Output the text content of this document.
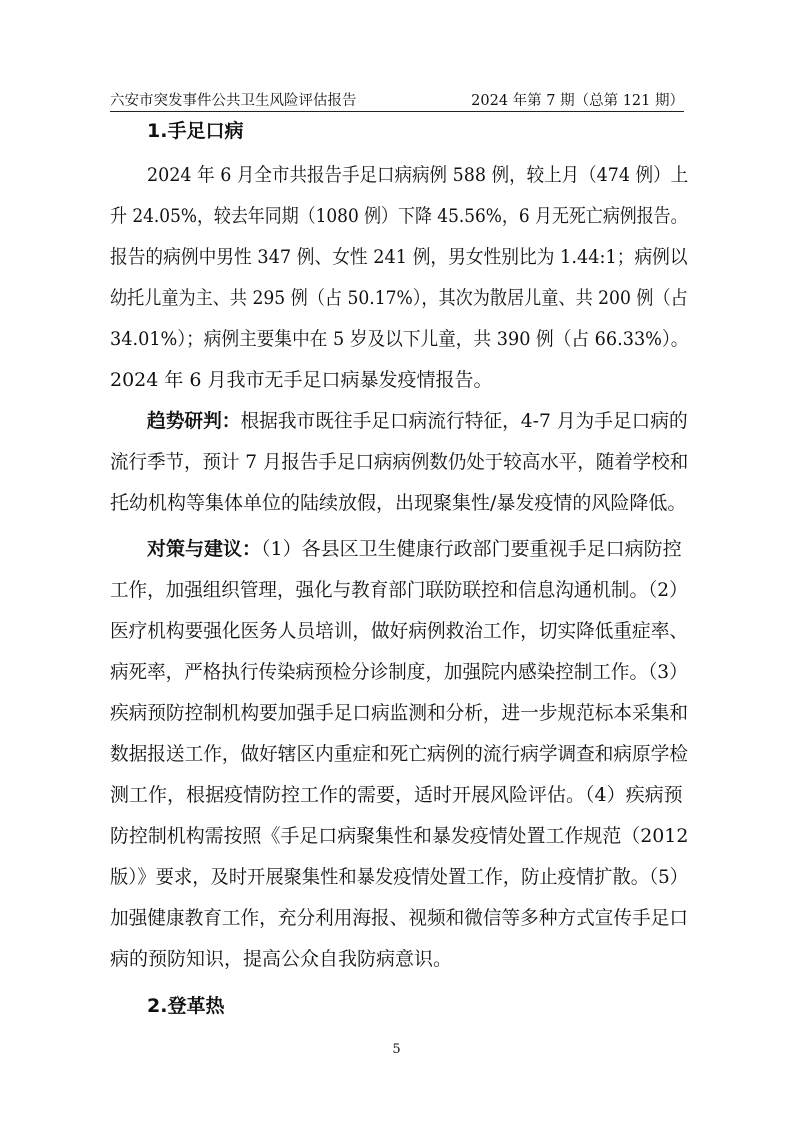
六安市突发事件公共卫生风险评估报告	2024 年第 7 期（总第 121 期）
1.手足口病
2024 年 6 月全市共报告手足口病病例 588 例，较上月（474 例）上
升 24.05%，较去年同期（1080 例）下降 45.56%，6 月无死亡病例报告。
报告的病例中男性 347 例、女性 241 例，男女性别比为 1.44:1；病例以
幼托儿童为主、共 295 例（占 50.17%），其次为散居儿童、共 200 例（占
34.01%）；病例主要集中在 5 岁及以下儿童，共 390 例（占 66.33%）。
2024 年 6 月我市无手足口病暴发疫情报告。
趋势研判：根据我市既往手足口病流行特征，4-7 月为手足口病的
流行季节，预计 7 月报告手足口病病例数仍处于较高水平，随着学校和
托幼机构等集体单位的陆续放假，出现聚集性/暴发疫情的风险降低。
对策与建议：（1）各县区卫生健康行政部门要重视手足口病防控
工作，加强组织管理，强化与教育部门联防联控和信息沟通机制。（2）
医疗机构要强化医务人员培训，做好病例救治工作，切实降低重症率、
病死率，严格执行传染病预检分诊制度，加强院内感染控制工作。（3）
疾病预防控制机构要加强手足口病监测和分析，进一步规范标本采集和
数据报送工作，做好辖区内重症和死亡病例的流行病学调查和病原学检
测工作，根据疫情防控工作的需要，适时开展风险评估。（4）疾病预
防控制机构需按照《手足口病聚集性和暴发疫情处置工作规范（2012
版）》要求，及时开展聚集性和暴发疫情处置工作，防止疫情扩散。（5）
加强健康教育工作，充分利用海报、视频和微信等多种方式宣传手足口
病的预防知识，提高公众自我防病意识。
2.登革热
5
